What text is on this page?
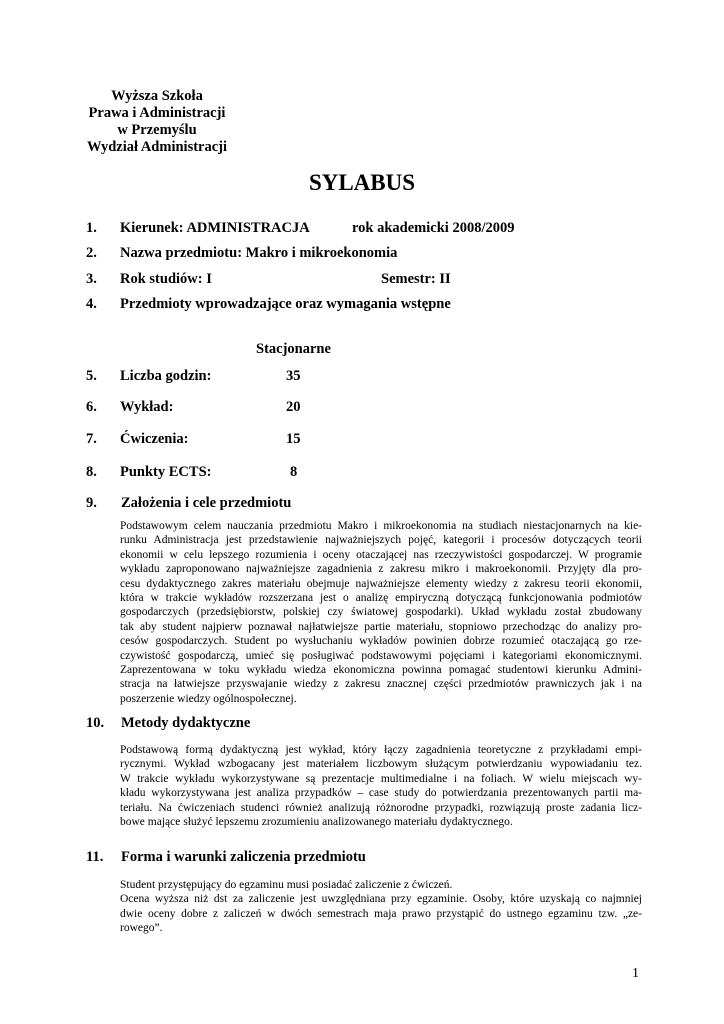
Wyższa Szkoła
Prawa i Administracji
w Przemyślu
Wydział Administracji
SYLABUS
1. Kierunek: ADMINISTRACJA	rok akademicki 2008/2009
2. Nazwa przedmiotu: Makro i mikroekonomia
3. Rok studiów: I	Semestr: II
4. Przedmioty wprowadzające oraz wymagania wstępne
Stacjonarne
5. Liczba godzin:	35
6. Wykład:	20
7. Ćwiczenia:	15
8. Punkty ECTS:	8
9. Założenia i cele przedmiotu
Podstawowym celem nauczania przedmiotu Makro i mikroekonomia na studiach niestacjonarnych na kie-
runku Administracja jest przedstawienie najważniejszych pojęć, kategorii i procesów dotyczących teorii
ekonomii w celu lepszego rozumienia i oceny otaczającej nas rzeczywistości gospodarczej. W programie
wykładu zaproponowano najważniejsze zagadnienia z zakresu mikro i makroekonomii. Przyjęty dla pro-
cesu dydaktycznego zakres materiału obejmuje najważniejsze elementy wiedzy z zakresu teorii ekonomii,
która w trakcie wykładów rozszerzana jest o analizę empiryczną dotyczącą funkcjonowania podmiotów
gospodarczych (przedsiębiorstw, polskiej czy światowej gospodarki). Układ wykładu został zbudowany
tak aby student najpierw poznawał najłatwiejsze partie materiału, stopniowo przechodząc do analizy pro-
cesów gospodarczych. Student po wysłuchaniu wykładów powinien dobrze rozumieć otaczającą go rze-
czywistość gospodarczą, umieć się posługiwać podstawowymi pojęciami i kategoriami ekonomicznymi.
Zaprezentowana w toku wykładu wiedza ekonomiczna powinna pomagać studentowi kierunku Admini-
stracja na łatwiejsze przyswajanie wiedzy z zakresu znacznej części przedmiotów prawniczych jak i na
poszerzenie wiedzy ogólnospołecznej.
10. Metody dydaktyczne
Podstawową formą dydaktyczną jest wykład, który łączy zagadnienia teoretyczne z przykładami empi-
rycznymi. Wykład wzbogacany jest materiałem liczbowym służącym potwierdzaniu wypowiadaniu tez.
W trakcie wykładu wykorzystywane są prezentacje multimedialne i na foliach. W wielu miejscach wy-
kładu wykorzystywana jest analiza przypadków – case study do potwierdzania prezentowanych partii ma-
teriału. Na ćwiczeniach studenci również analizują różnorodne przypadki, rozwiązują proste zadania licz-
bowe mające służyć lepszemu zrozumieniu analizowanego materiału dydaktycznego.
11. Forma i warunki zaliczenia przedmiotu
Student przystępujący do egzaminu musi posiadać zaliczenie z ćwiczeń.
Ocena wyższa niż dst za zaliczenie jest uwzględniana przy egzaminie. Osoby, które uzyskają co najmniej
dwie oceny dobre z zaliczeń w dwóch semestrach maja prawo przystąpić do ustnego egzaminu tzw. „ze-
rowego”.
1
